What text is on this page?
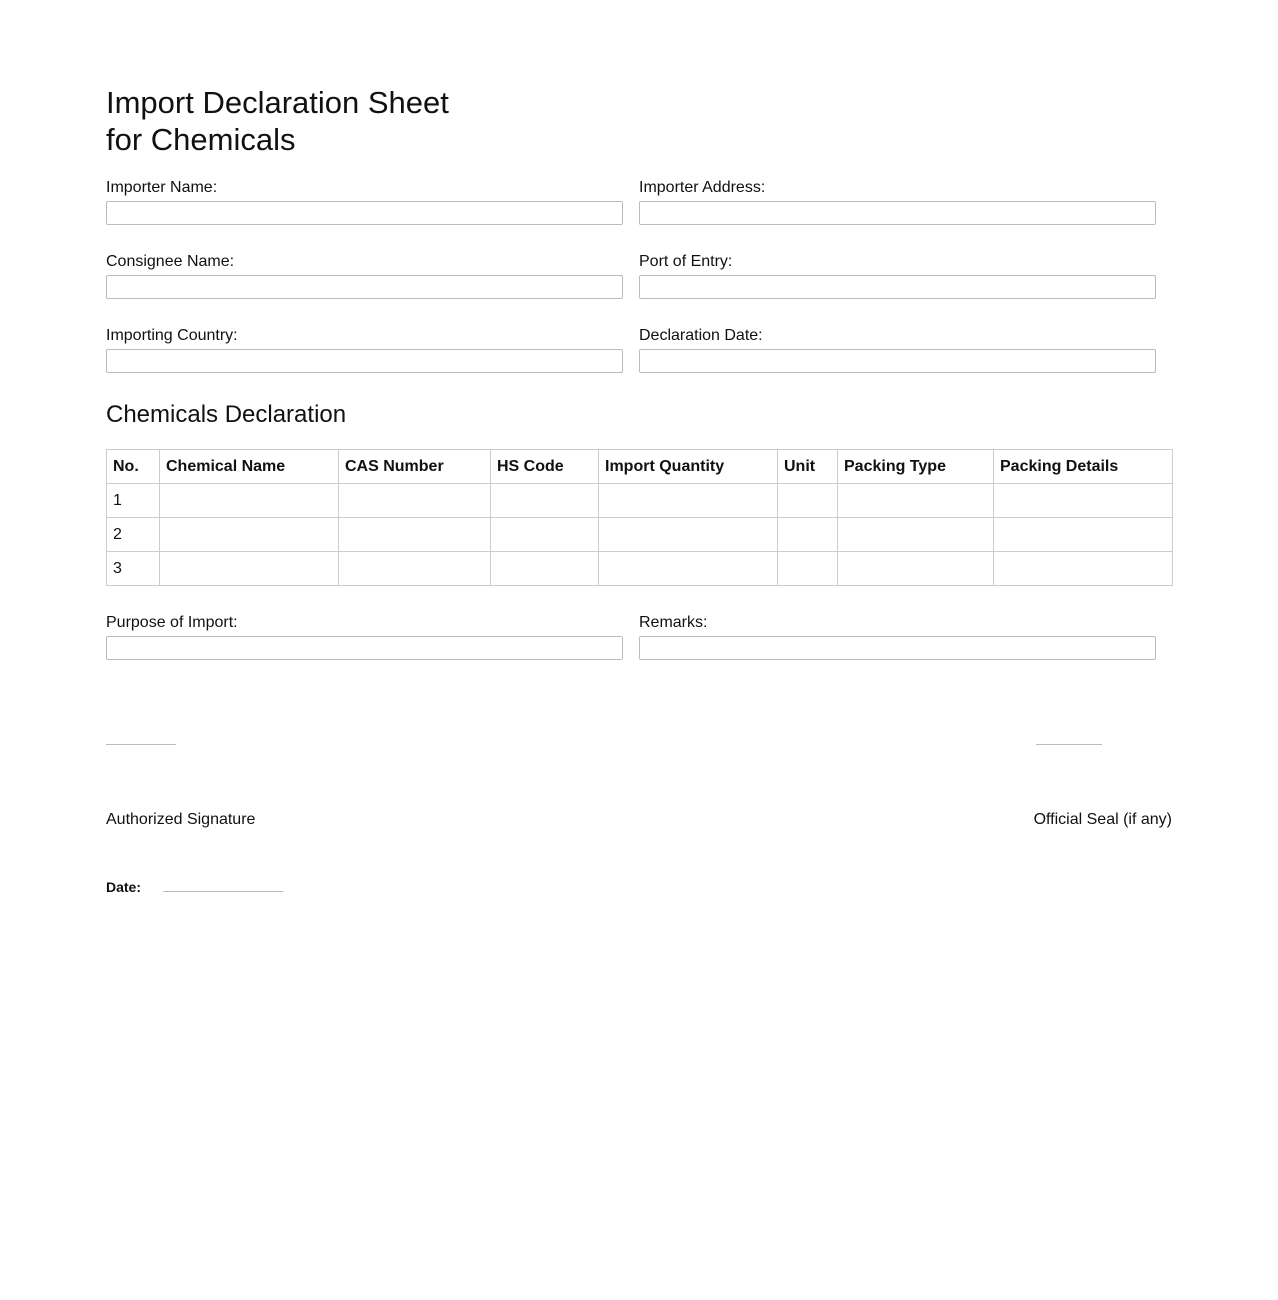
Import Declaration Sheet
for Chemicals
Importer Name:	Importer Address:
Consignee Name:	Port of Entry:
Importing Country:	Declaration Date:
Chemicals Declaration
No.	Chemical Name	CAS Number	HS Code	Import Quantity	Unit	Packing Type	Packing Details
1							
2							
3							
Purpose of Import:	Remarks:
Authorized Signature	Official Seal (if any)
Date:
